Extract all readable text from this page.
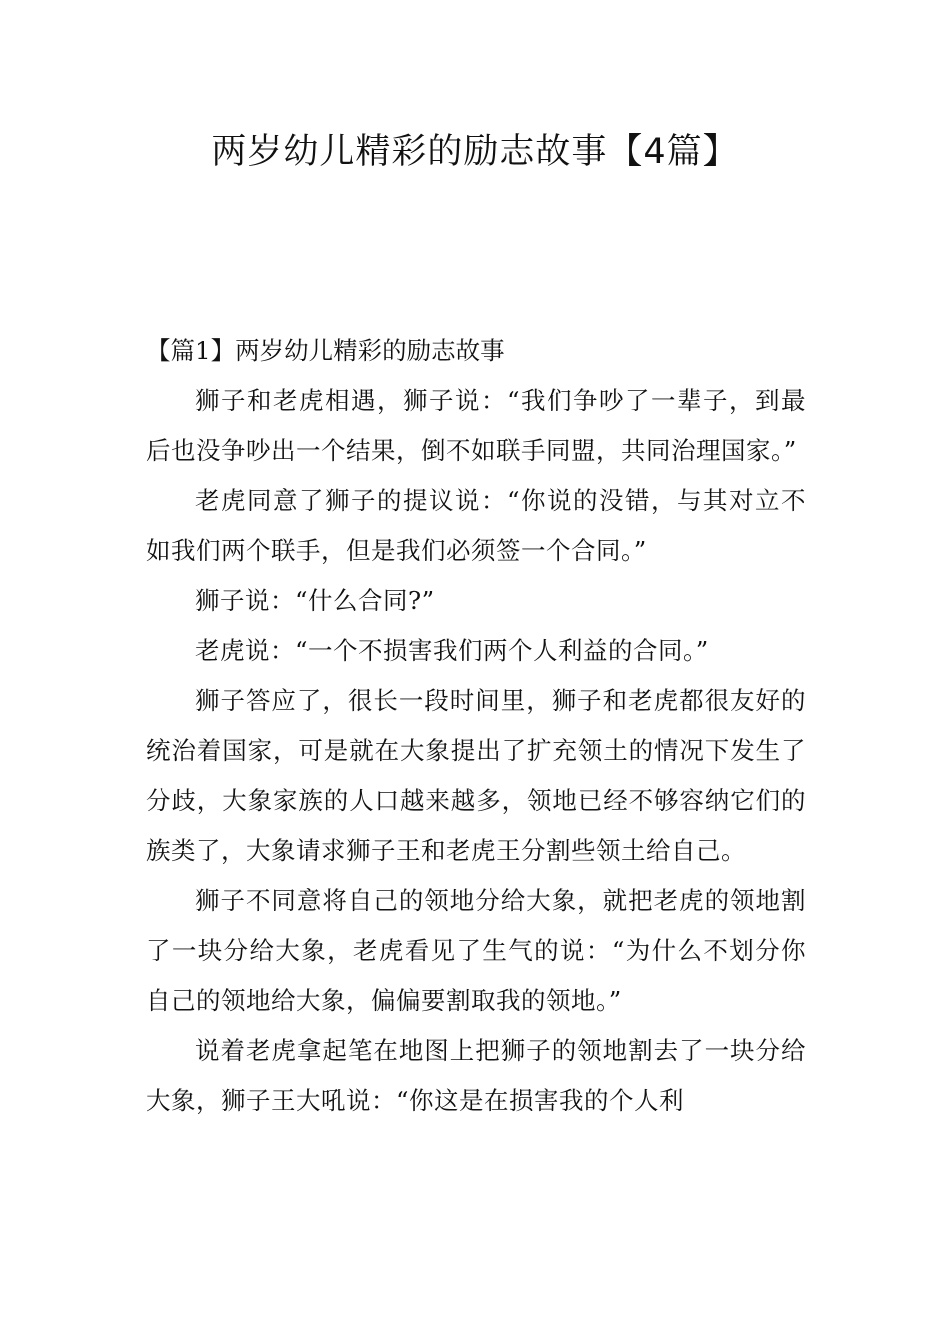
两岁幼儿精彩的励志故事【4篇】
【篇1】两岁幼儿精彩的励志故事

狮子和老虎相遇，狮子说：“我们争吵了一辈子，到最后也没争吵出一个结果，倒不如联手同盟，共同治理国家。”

老虎同意了狮子的提议说：“你说的没错，与其对立不如我们两个联手，但是我们必须签一个合同。”

狮子说：“什么合同?”

老虎说：“一个不损害我们两个人利益的合同。”

狮子答应了，很长一段时间里，狮子和老虎都很友好的统治着国家，可是就在大象提出了扩充领土的情况下发生了分歧，大象家族的人口越来越多，领地已经不够容纳它们的族类了，大象请求狮子王和老虎王分割些领土给自己。

狮子不同意将自己的领地分给大象，就把老虎的领地割了一块分给大象，老虎看见了生气的说：“为什么不划分你自己的领地给大象，偏偏要割取我的领地。”

说着老虎拿起笔在地图上把狮子的领地割去了一块分给大象，狮子王大吼说：“你这是在损害我的个人利
